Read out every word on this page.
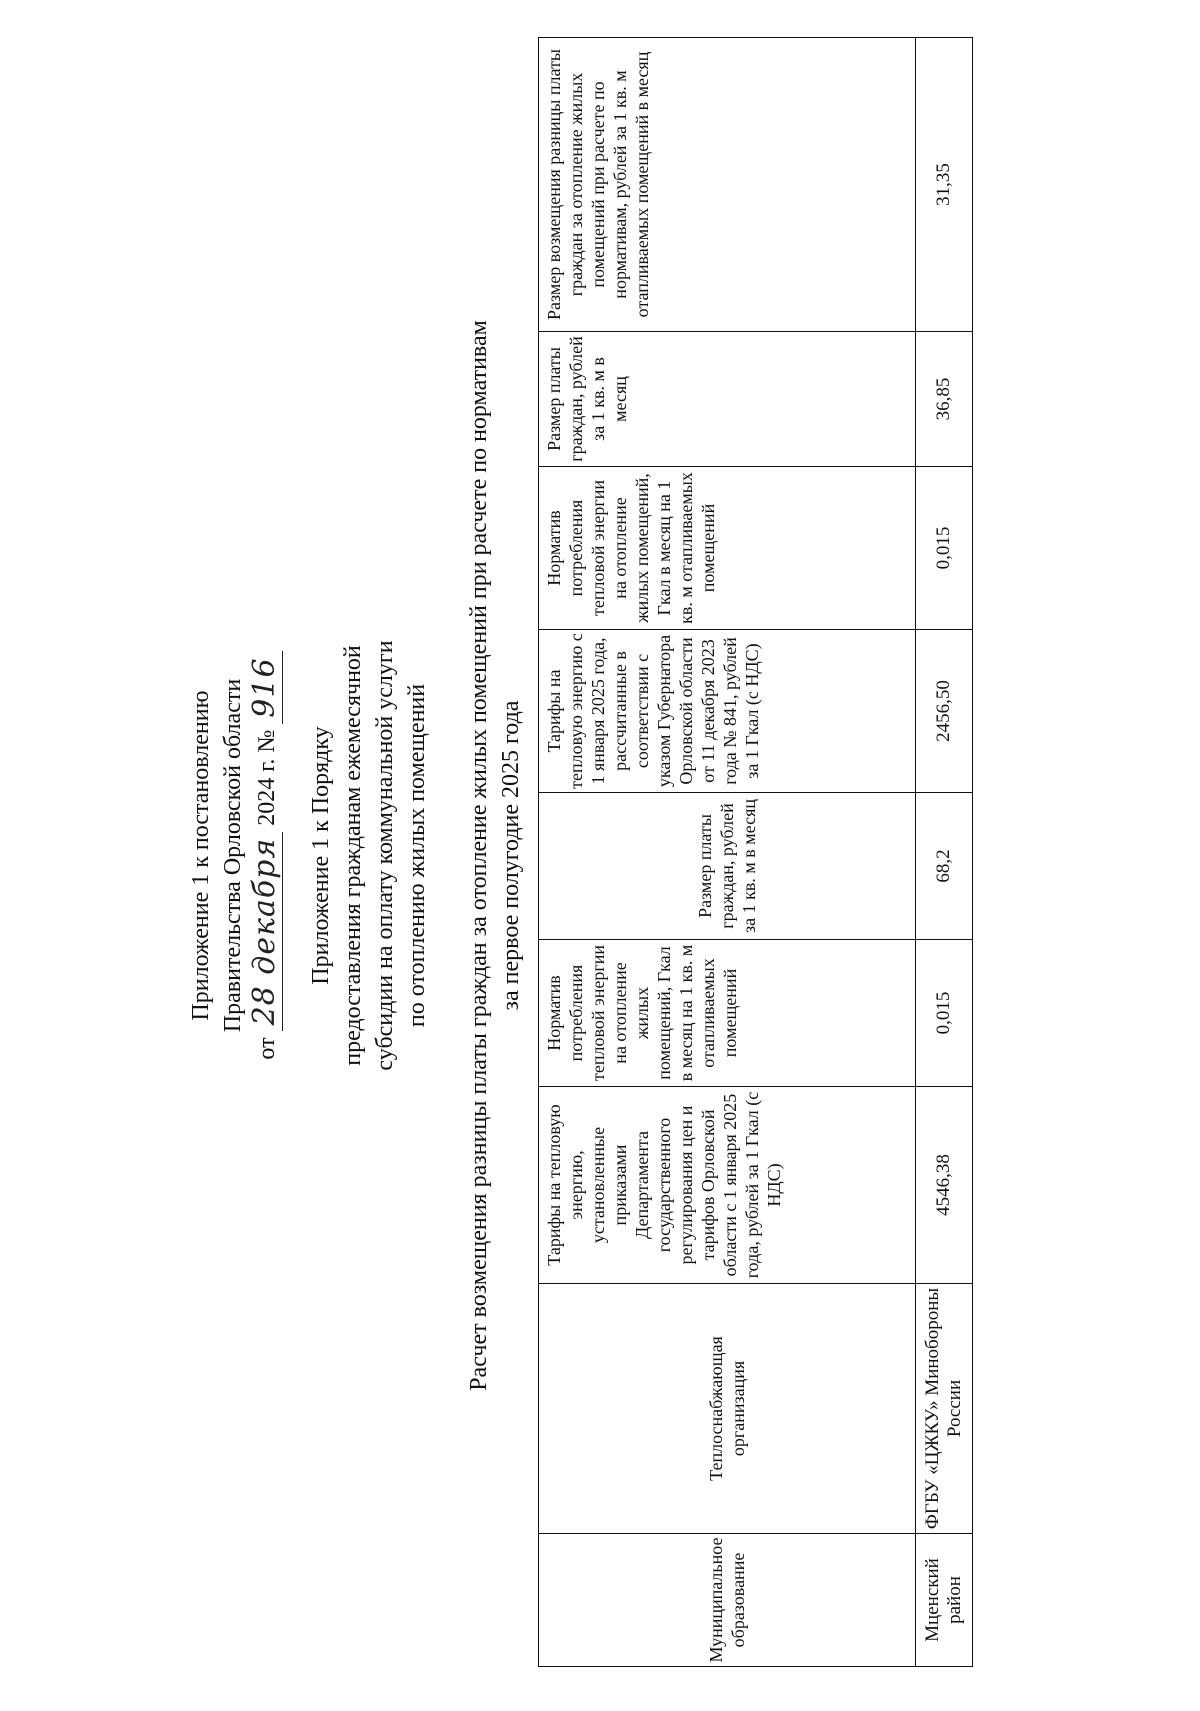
Приложение 1 к постановлению Правительства Орловской области
от 28 декабря 2024 г. № 916
Приложение 1 к Порядку предоставления гражданам ежемесячной субсидии на оплату коммунальной услуги по отоплению жилых помещений Расчет возмещения разницы платы граждан за отопление жилых помещений при расчете по нормативам за первое полугодие 2025 года
Муниципальное образование	Теплоснабжающая организация	Тарифы на тепловую энергию, установленные приказами Департамента государственного регулирования цен и тарифов Орловской области с 1 января 2025 года, рублей за 1 Гкал (с НДС)	Норматив потребления тепловой энергии на отопление жилых помещений, Гкал в месяц на 1 кв. м отапливаемых помещений	Размер платы граждан, рублей за 1 кв. м в месяц	Тарифы на тепловую энергию с 1 января 2025 года, рассчитанные в соответствии с указом Губернатора Орловской области от 11 декабря 2023 года № 841, рублей за 1 Гкал (с НДС)	Норматив потребления тепловой энергии на отопление жилых помещений, Гкал в месяц на 1 кв. м отапливаемых помещений	Размер платы граждан, рублей за 1 кв. м в месяц	Размер возмещения разницы платы граждан за отопление жилых помещений при расчете по нормативам, рублей за 1 кв. м отапливаемых помещений в месяц
Мценский район	ФГБУ «ЦЖКУ» Минобороны России	4546,38	0,015	68,2	2456,50	0,015	36,85	31,35
